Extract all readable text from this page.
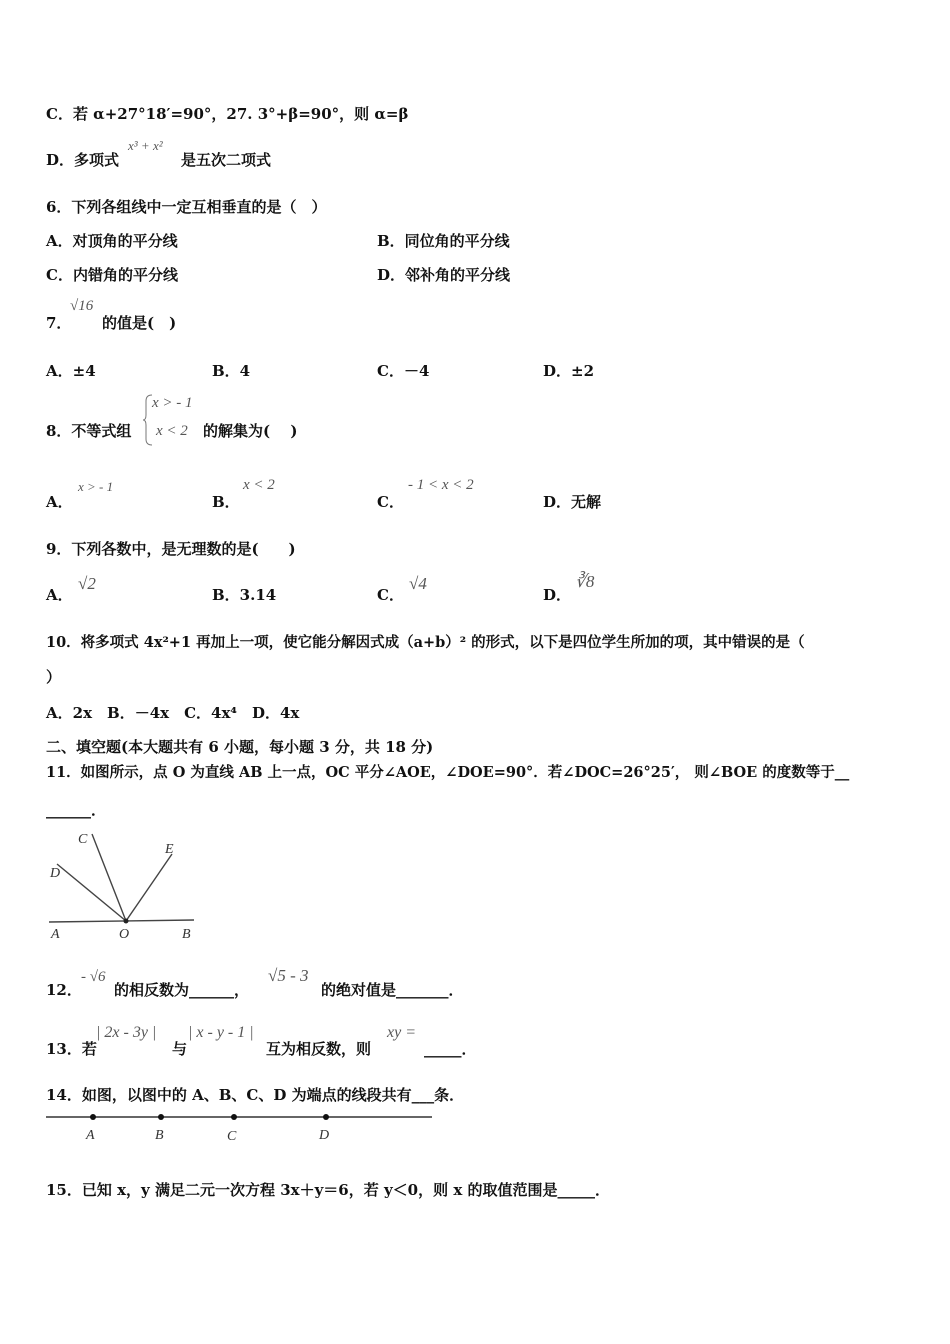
C．若 α+27°18′=90°，27. 3°+β=90°，则 α=β
D．多项式
x³ + x²
是五次二项式
6．下列各组线中一定互相垂直的是（　）
A．对顶角的平分线	B．同位角的平分线
C．内错角的平分线	D．邻补角的平分线
7．
√16
的值是(　)
A．±4	B．4	C．－4	D．±2
8．不等式组
x > - 1
x < 2 的解集为(　 )
A．
x > - 1
B．
x < 2
C．
- 1 < x < 2
D．无解
9．下列各数中，是无理数的是(　　)
A．
√2
B．3.14	C．
√4
D．
∛8
10．将多项式 4x²+1 再加上一项，使它能分解因式成（a+b）² 的形式，以下是四位学生所加的项，其中错误的是（
）
A．2x　B．－4x　C．4x⁴　D．4x
二、填空题(本大题共有 6 小题，每小题 3 分，共 18 分)
11．如图所示，点 O 为直线 AB 上一点，OC 平分∠AOE，∠DOE=90°．若∠DOC=26°25′， 则∠BOE 的度数等于__
______．
D
C
E
A	O	B
12．
- √6
的相反数为______，
√5 - 3
的绝对值是_______．
13．若
| 2x - 3y |
与
| x - y - 1 |
互为相反数，则
xy =
_____．
14．如图，以图中的 A、B、C、D 为端点的线段共有___条．
A	B	C	D
15．已知 x，y 满足二元一次方程 3x＋y＝6，若 y＜0，则 x 的取值范围是_____．
